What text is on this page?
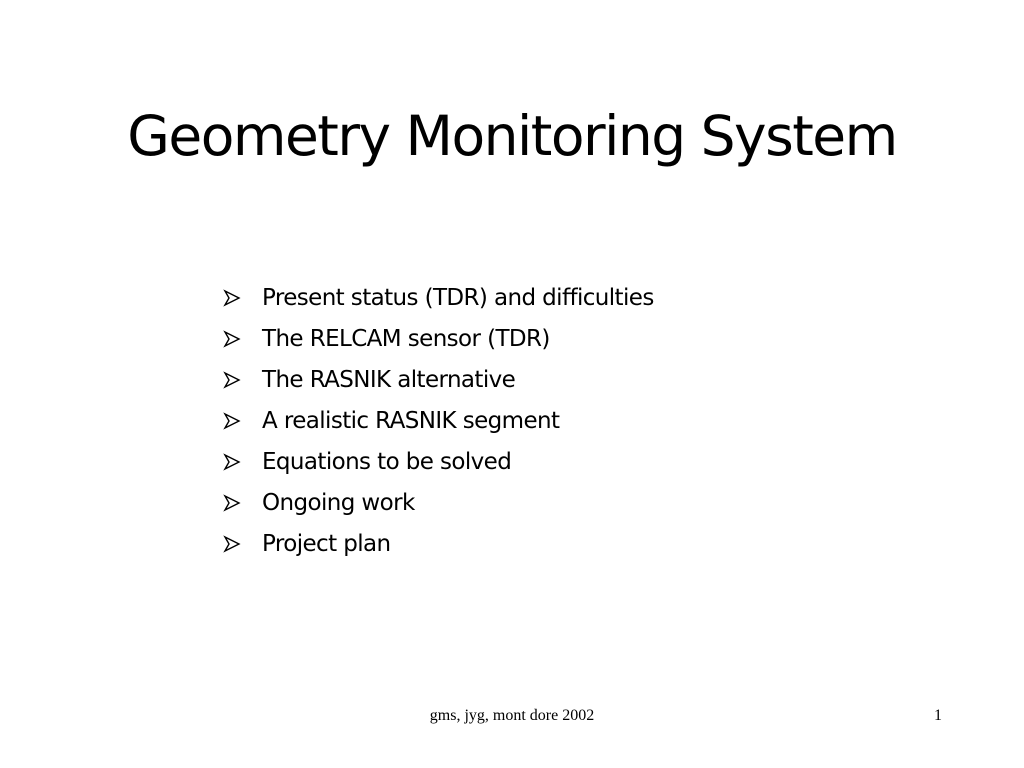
Geometry Monitoring System
Present status (TDR) and difficulties
The RELCAM sensor (TDR)
The RASNIK alternative
A realistic RASNIK segment
Equations to be solved
Ongoing work
Project plan
gms, jyg, mont dore 2002	1
